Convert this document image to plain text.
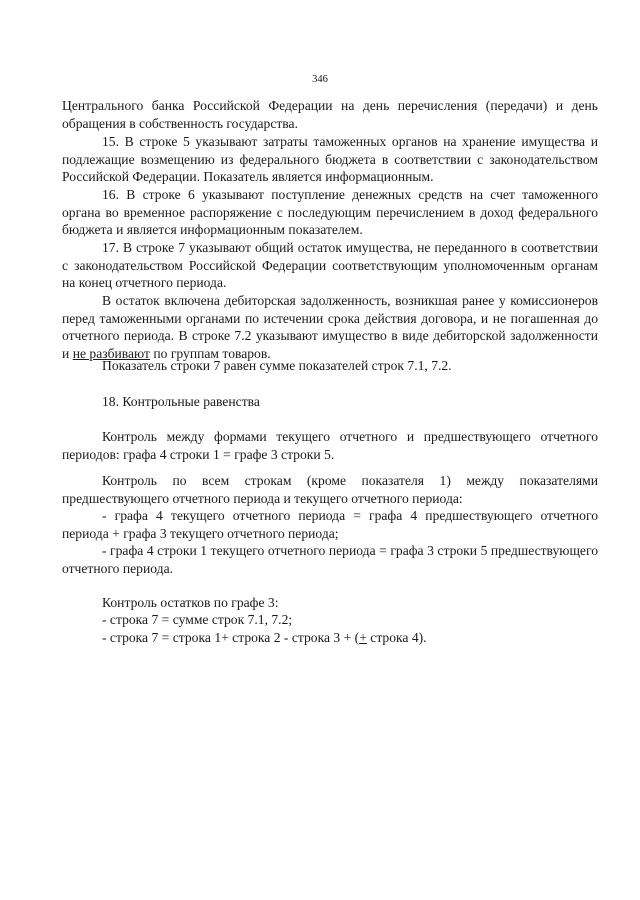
346

Центрального банка Российской Федерации на день перечисления (передачи) и день обращения в собственность государства.

15. В строке 5 указывают затраты таможенных органов на хранение имущества и подлежащие возмещению из федерального бюджета в соответствии с законодательством Российской Федерации. Показатель является информационным.

16. В строке 6 указывают поступление денежных средств на счет таможенного органа во временное распоряжение с последующим перечислением в доход федерального бюджета и является информационным показателем.

17. В строке 7 указывают общий остаток имущества, не переданного в соответствии с законодательством Российской Федерации соответствующим уполномоченным органам на конец отчетного периода.

В остаток включена дебиторская задолженность, возникшая ранее у комиссионеров перед таможенными органами по истечении срока действия договора, и не погашенная до отчетного периода. В строке 7.2 указывают имущество в виде дебиторской задолженности и не разбивают по группам товаров.

Показатель строки 7 равен сумме показателей строк 7.1, 7.2.

18. Контрольные равенства

Контроль между формами текущего отчетного и предшествующего отчетного периодов: графа 4 строки 1 = графе 3 строки 5.

Контроль по всем строкам (кроме показателя 1) между показателями предшествующего отчетного периода и текущего отчетного периода:

- графа 4 текущего отчетного периода = графа 4 предшествующего отчетного периода + графа 3 текущего отчетного периода;

- графа 4 строки 1 текущего отчетного периода = графа 3 строки 5 предшествующего отчетного периода.

Контроль остатков по графе 3:

- строка 7 = сумме строк 7.1, 7.2;

- строка 7 = строка 1+ строка 2 - строка 3 + (+ строка 4).
